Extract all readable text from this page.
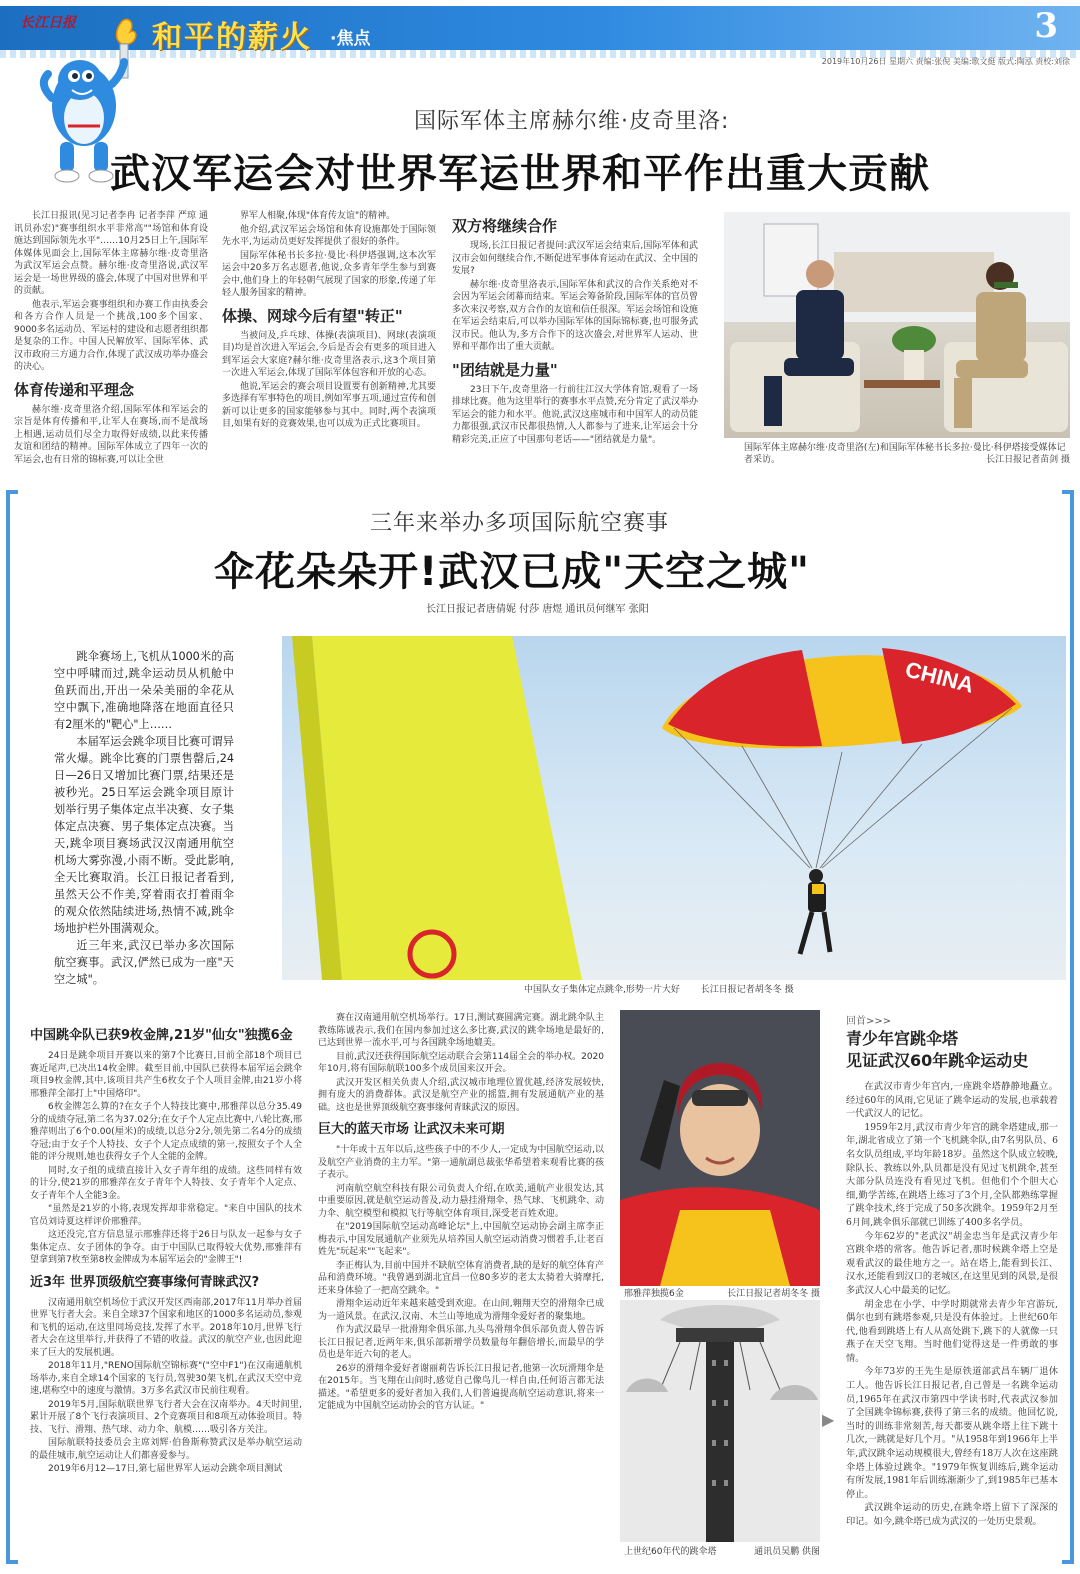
长江日报	和平的薪火 ·焦点	3
2019年10月26日 星期六 责编:张倪 美编:歌文挺 版式:陶泓 责校:刘徐
国际军体主席赫尔维·皮奇里洛:
武汉军运会对世界军运世界和平作出重大贡献

长江日报讯(见习记者李冉 记者李萍 严琼 通讯员孙宏)"赛事组织水平非常高""场馆和体育设施达到国际领先水平"……10月25日上午,国际军体媒体见面会上,国际军体主席赫尔维·皮奇里洛为武汉军运会点赞。赫尔维·皮奇里洛说,武汉军运会是一场世界级的盛会,体现了中国对世界和平的贡献。

他表示,军运会赛事组织和办赛工作由执委会和各方合作人员是一个挑战,100多个国家、9000多名运动员、军运村的建设和志愿者组织都是复杂的工作。中国人民解放军、国际军体、武汉市政府三方通力合作,体现了武汉成功举办盛会的决心。

体育传递和平理念

赫尔维·皮奇里洛介绍,国际军体和军运会的宗旨是体育传播和平,让军人在赛场,而不是战场上相遇,运动员们尽全力取得好成绩,以此来传播友谊和团结的精神。国际军体成立了四年一次的军运会,也有日常的锦标赛,可以让全世

界军人相聚,体现"体育传友谊"的精神。

他介绍,武汉军运会场馆和体育设施都处于国际领先水平,为运动员更好发挥提供了很好的条件。

国际军体秘书长多拉·曼比·科伊塔强调,这本次军运会中20多万名志愿者,他说,众多青年学生参与到赛会中,他们身上的年轻朝气展现了国家的形象,传递了年轻人服务国家的精神。

体操、网球今后有望"转正"

当被问及,乒乓球、体操(表演项目)、网球(表演项目)均是首次进入军运会,今后是否会有更多的项目进入到军运会大家庭?赫尔维·皮奇里洛表示,这3个项目第一次进入军运会,体现了国际军体包容和开放的心态。

他说,军运会的赛会项目设置要有创新精神,尤其要多选择有军事特色的项目,例如军事五项,通过宣传和创新可以让更多的国家能够参与其中。同时,两个表演项目,如果有好的竞赛效果,也可以成为正式比赛项目。

双方将继续合作

现场,长江日报记者提问:武汉军运会结束后,国际军体和武汉市会如何继续合作,不断促进军事体育运动在武汉、全中国的发展?

赫尔维·皮奇里洛表示,国际军体和武汉的合作关系绝对不会因为军运会闭幕而结束。军运会筹备阶段,国际军体的官员曾多次来汉考察,双方合作的友谊和信任很深。军运会场馆和设施在军运会结束后,可以举办国际军体的国际锦标赛,也可服务武汉市民。他认为,多方合作下的这次盛会,对世界军人运动、世界和平都作出了重大贡献。

"团结就是力量"

23日下午,皮奇里洛一行前往江汉大学体育馆,观看了一场排球比赛。他为这里举行的赛事水平点赞,充分肯定了武汉举办军运会的能力和水平。他说,武汉这座城市和中国军人的动员能力都很强,武汉市民都很热情,人人都参与了进来,让军运会十分精彩完美,正应了中国那句老话——"团结就是力量"。

国际军体主席赫尔维·皮奇里洛(左)和国际军体秘书长多拉·曼比·科伊塔接受媒体记者采访。	长江日报记者苗剑 摄
三年来举办多项国际航空赛事
伞花朵朵开!武汉已成"天空之城"
长江日报记者唐倩妮 付莎 唐煜 通讯员何继军 张阳

跳伞赛场上,飞机从1000米的高空中呼啸而过,跳伞运动员从机舱中鱼跃而出,开出一朵朵美丽的伞花从空中飘下,准确地降落在地面直径只有2厘米的"靶心"上……

本届军运会跳伞项目比赛可谓异常火爆。跳伞比赛的门票售罄后,24日—26日又增加比赛门票,结果还是被秒光。25日军运会跳伞项目原计划举行男子集体定点半决赛、女子集体定点决赛、男子集体定点决赛。当天,跳伞项目赛场武汉汉南通用航空机场大雾弥漫,小雨不断。受此影响,全天比赛取消。长江日报记者看到,虽然天公不作美,穿着雨衣打着雨伞的观众依然陆续进场,热情不减,跳伞场地护栏外围满观众。

近三年来,武汉已举办多次国际航空赛事。武汉,俨然已成为一座"天空之城"。

CHINA
中国队女子集体定点跳伞,形势一片大好 长江日报记者胡冬冬 摄
中国跳伞队已获9枚金牌,21岁"仙女"独揽6金

24日是跳伞项目开赛以来的第7个比赛日,目前全部18个项目已赛近尾声,已决出14枚金牌。截至目前,中国队已获得本届军运会跳伞项目9枚金牌,其中,该项目共产生6枚女子个人项目金牌,由21岁小将邢雅萍全部打上"中国烙印"。

6枚金牌怎么算的?在女子个人特技比赛中,邢雅萍以总分35.49分的成绩夺冠,第二名为37.02分;在女子个人定点比赛中,八轮比赛,邢雅萍则出了6个0.00(厘米)的成绩,以总分2分,领先第二名4分的成绩夺冠;由于女子个人特技、女子个人定点成绩的第一,按照女子个人全能的评分规则,她也获得女子个人全能的金牌。

同时,女子组的成绩直接计入女子青年组的成绩。这些同样有效的计分,使21岁的邢雅萍在女子青年个人特技、女子青年个人定点、女子青年个人全能3金。

"虽然是21岁的小将,表现发挥却非常稳定。"来自中国队的技术官员刘诗夏这样评价邢雅萍。

这还没完,官方信息显示邢雅萍还将于26日与队友一起参与女子集体定点、女子团体的争夺。由于中国队已取得较大优势,邢雅萍有望拿到第7枚至第8枚金牌成为本届军运会的"金牌王"!

近3年 世界顶级航空赛事缘何青睐武汉?

汉南通用航空机场位于武汉开发区西南部,2017年11月举办首届世界飞行者大会。来自全球37个国家和地区的1000多名运动员,参观和飞机的运动,在这里同场竞技,发挥了水平。2018年10月,世界飞行者大会在这里举行,并获得了不错的收益。武汉的航空产业,也因此迎来了巨大的发展机遇。

2018年11月,"RENO国际航空锦标赛"("空中F1")在汉南通航机场举办,来自全球14个国家的飞行员,驾驶30架飞机,在武汉天空中竞速,堪称空中的速度与激情。3万多名武汉市民前往观看。

2019年5月,国际航联世界飞行者大会在汉南举办。4天时间里,累计开展了8个飞行表演项目、2个竞赛项目和8项互动体验项目。特技、飞行、滑翔、热气球、动力伞、航模……吸引各方关注。

国际航联特技委员会主席刘辉·伯鲁斯称赞武汉是举办航空运动的最佳城市,航空运动让人们都喜爱参与。

2019年6月12—17日,第七届世界军人运动会跳伞项目测试

赛在汉南通用航空机场举行。17日,测试赛圆满完赛。湖北跳伞队主教练陈诚表示,我们在国内参加过这么多比赛,武汉的跳伞场地是最好的,已达到世界一流水平,可与各国跳伞场地媲美。

目前,武汉还获得国际航空运动联合会第114届全会的举办权。2020年10月,将有国际航联100多个成员国来汉开会。

武汉开发区相关负责人介绍,武汉城市地理位置优越,经济发展较快,拥有庞大的消费群体。武汉是航空产业的摇篮,拥有发展通航产业的基础。这也是世界顶级航空赛事缘何青睐武汉的原因。

巨大的蓝天市场 让武汉未来可期

"十年或十五年以后,这些孩子中的不少人,一定成为中国航空运动,以及航空产业消费的主力军。"第一通航副总裁张华希望着来观看比赛的孩子表示。

河南航空航空科技有限公司负责人介绍,在欧美,通航产业很发达,其中重要原因,就是航空运动普及,动力悬挂滑翔伞、热气球、飞机跳伞、动力伞、航空模型和模拟飞行等航空体育项目,深受老百姓欢迎。

在"2019国际航空运动高峰论坛"上,中国航空运动协会副主席李正梅表示,中国发展通航产业须先从培养国人航空运动消费习惯着手,让老百姓先"玩起来""飞起来"。

李正梅认为,目前中国并不缺航空体育消费者,缺的是好的航空体育产品和消费环境。"我曾遇到湖北宜昌一位80多岁的老太太骑着大骑摩托,还来身体验了一把高空跳伞。"

滑翔伞运动近年来越来越受到欢迎。在山间,翱翔天空的滑翔伞已成为一道风景。在武汉,汉南、木兰山等地成为滑翔伞爱好者的聚集地。

作为武汉最早一批滑翔伞俱乐部,九头鸟滑翔伞俱乐部负责人曾告诉长江日报记者,近两年来,俱乐部新增学员数量每年翻倍增长,而最早的学员也是年近六旬的老人。

26岁的滑翔伞爱好者谢丽莉告诉长江日报记者,他第一次玩滑翔伞是在2015年。当飞翔在山间时,感觉自己像鸟儿一样自由,任何语言都无法描述。"希望更多的爱好者加入我们,人们普遍提高航空运动意识,将来一定能成为中国航空运动协会的官方认证。"

邢雅萍独揽6金	长江日报记者胡冬冬 摄
上世纪60年代的跳伞塔	通讯员吴鹏 供图
▶
回首>>>
青少年宫跳伞塔
见证武汉60年跳伞运动史

在武汉市青少年宫内,一座跳伞塔静静地矗立。经过60年的风雨,它见证了跳伞运动的发展,也承载着一代武汉人的记忆。

1959年2月,武汉市青少年宫的跳伞塔建成,那一年,湖北省成立了第一个飞机跳伞队,由7名男队员、6名女队员组成,平均年龄18岁。虽然这个队成立较晚,除队长、教练以外,队员都是没有见过飞机跳伞,甚至大部分队员连没有看见过飞机。但他们个个胆大心细,勤学苦练,在跳塔上练习了3个月,全队都熟练掌握了跳伞技术,终于完成了50多次跳伞。1959年2月至6月间,跳伞俱乐部就已训练了400多名学员。

今年62岁的"老武汉"胡金忠当年是武汉青少年宫跳伞塔的常客。他告诉记者,那时候跳伞塔上空是观看武汉的最佳地方之一。站在塔上,能看到长江、汉水,还能看到汉口的老城区,在这里见到的风景,是很多武汉人心中最美的记忆。

胡金忠在小学、中学时期就常去青少年宫游玩,偶尔也到有跳塔参观,只是没有体验过。上世纪60年代,他看到跳塔上有人从高处跳下,跳下的人就像一只燕子在天空飞翔。当时他们觉得这是一件勇敢的事情。

今年73岁的王先生是原铁道部武昌车辆厂退休工人。他告诉长江日报记者,自己曾是一名跳伞运动员,1965年在武汉市第四中学读书时,代表武汉参加了全国跳伞锦标赛,获得了第三名的成绩。他回忆说,当时的训练非常刻苦,每天都要从跳伞塔上往下跳十几次,一跳就是好几个月。"从1958年到1966年上半年,武汉跳伞运动规模很大,曾经有18万人次在这座跳伞塔上体验过跳伞。"1979年恢复训练后,跳伞运动有所发展,1981年后训练渐渐少了,到1985年已基本停止。

武汉跳伞运动的历史,在跳伞塔上留下了深深的印记。如今,跳伞塔已成为武汉的一处历史景观。
